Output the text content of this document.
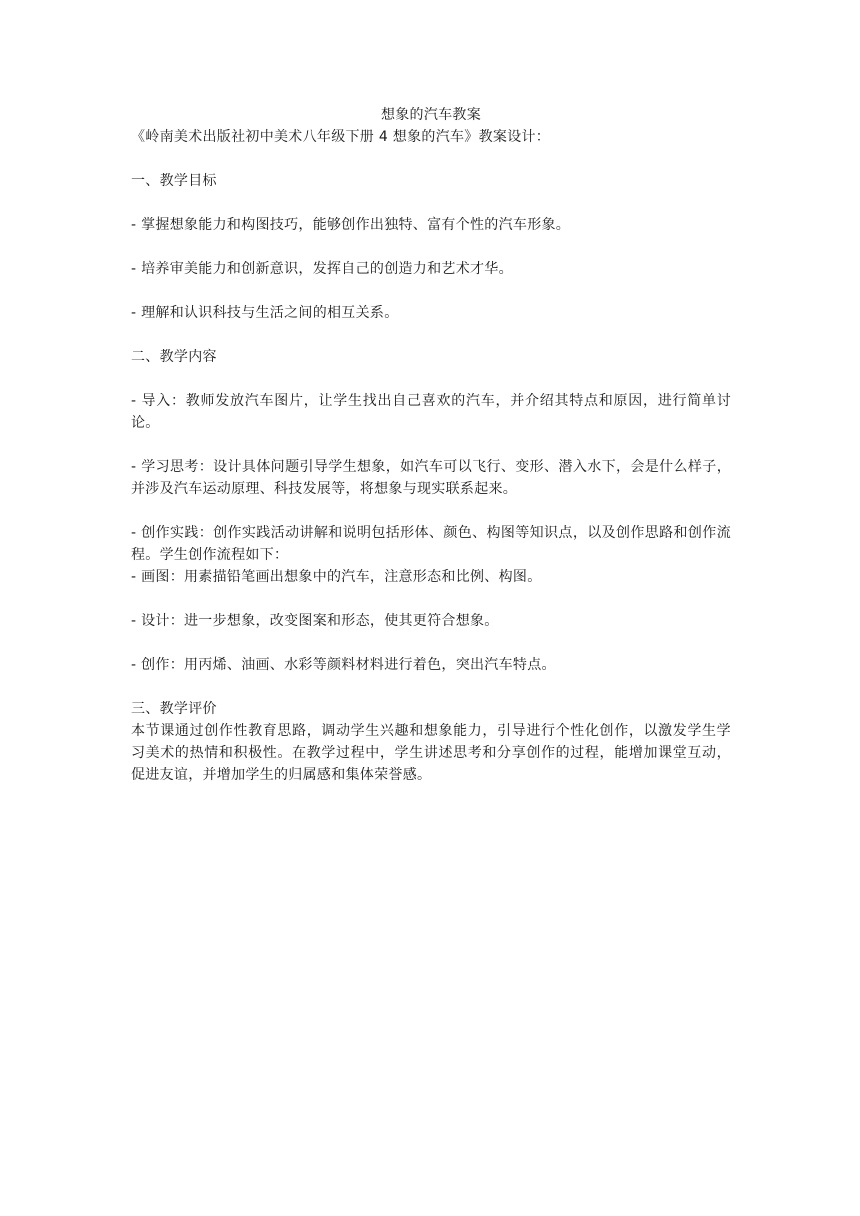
想象的汽车教案

《岭南美术出版社初中美术八年级下册 4 想象的汽车》教案设计：

一、教学目标

- 掌握想象能力和构图技巧，能够创作出独特、富有个性的汽车形象。

- 培养审美能力和创新意识，发挥自己的创造力和艺术才华。

- 理解和认识科技与生活之间的相互关系。

二、教学内容

- 导入：教师发放汽车图片，让学生找出自己喜欢的汽车，并介绍其特点和原因，进行简单讨论。

- 学习思考：设计具体问题引导学生想象，如汽车可以飞行、变形、潜入水下，会是什么样子，并涉及汽车运动原理、科技发展等，将想象与现实联系起来。

- 创作实践：创作实践活动讲解和说明包括形体、颜色、构图等知识点，以及创作思路和创作流程。学生创作流程如下：

- 画图：用素描铅笔画出想象中的汽车，注意形态和比例、构图。

- 设计：进一步想象，改变图案和形态，使其更符合想象。

- 创作：用丙烯、油画、水彩等颜料材料进行着色，突出汽车特点。

三、教学评价

本节课通过创作性教育思路，调动学生兴趣和想象能力，引导进行个性化创作，以激发学生学习美术的热情和积极性。在教学过程中，学生讲述思考和分享创作的过程，能增加课堂互动，促进友谊，并增加学生的归属感和集体荣誉感。
